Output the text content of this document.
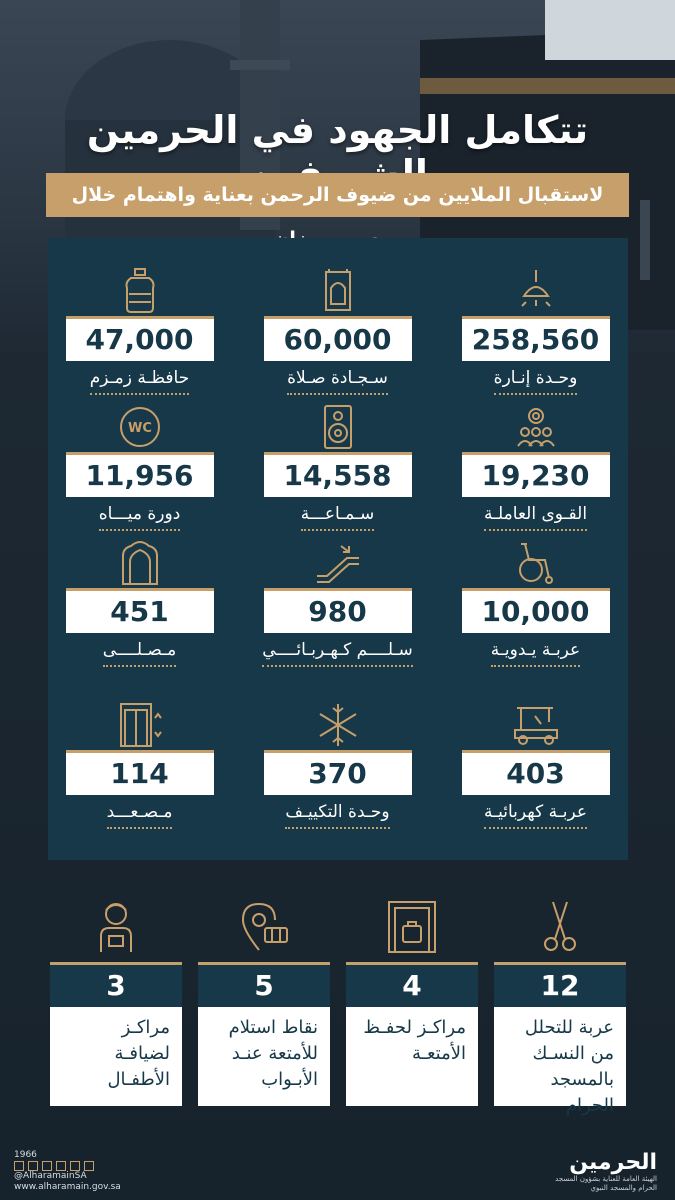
تتكامل الجهود في الحرمين
لاستقبال الملايين من ضيوف الرحمن بعناية واهتمام خلال
258,560
وحـدة إنـارة
60,000
سـجـادة صـلاة
47,000
حافظـة زمـزم
19,230
القـوى العاملـة
14,558
سـمـاعـــة
WC
11,956
دورة ميـــاه
10,000
عربـة يـدويـة
980
سـلــــم كـهـربـائــــي
451
مـصـلــــى
403
عربـة كهربائيـة
370
وحـدة التكييـف
114
مـصـعـــد
12
عربة للتحلل من النسـك بالمسجد الحرام
4
مراكـز لحفـظ الأمتعـة
5
نقاط استلام للأمتعة عنـد الأبـواب
3
مراكـز لضيافـة الأطفـال
1966
@AlharamainSA
www.alharamain.gov.sa
الحرمين
الهيئة العامة للعناية بشؤون المسجد الحرام والمسجد النبوي
